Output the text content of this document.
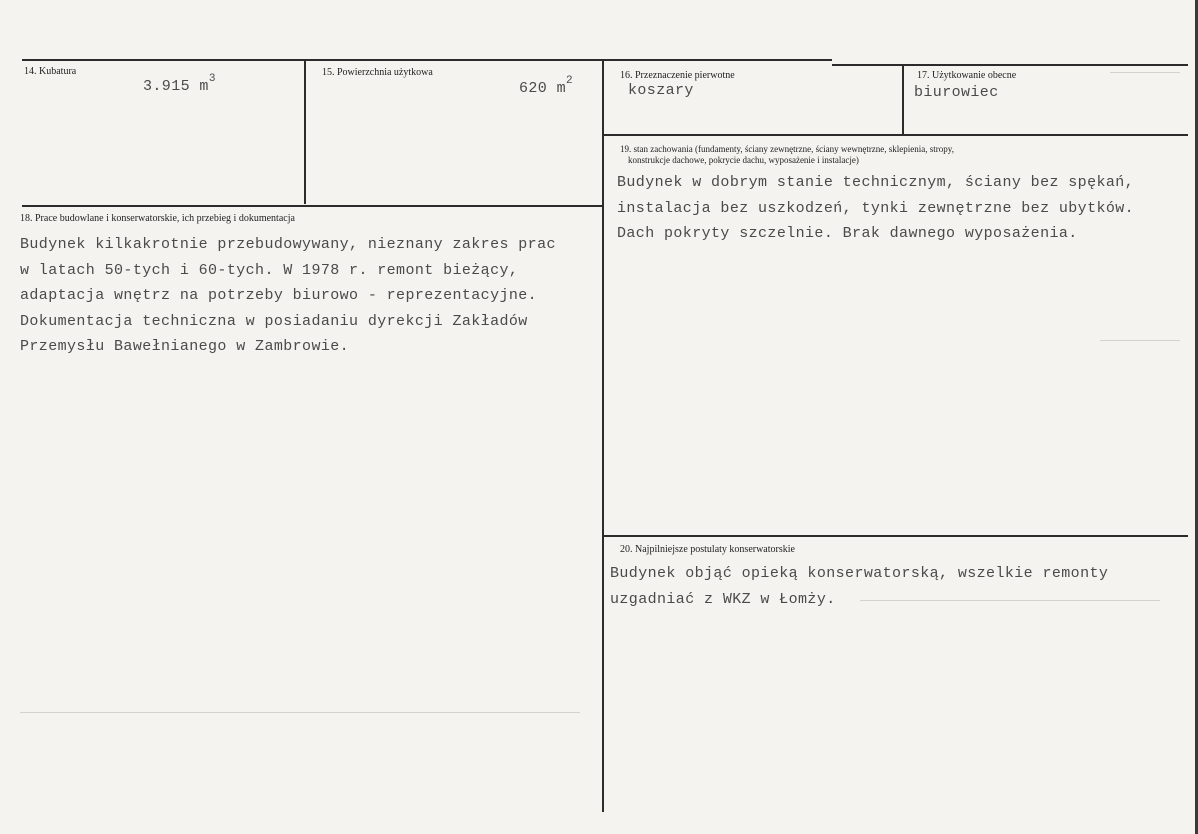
14. Kubatura
3.915 $m^3$
15. Powierzchnia użytkowa
620 $m^2$	16. Przeznaczenie pierwotne
koszary
17. Użytkowanie obecne
biurowiec
18. Prace budowlane i konserwatorskie, ich przebieg i dokumentacja
Budynek kilkakrotnie przebudowywany, nieznany zakres prac
w latach 50-tych i 60-tych. W 1978 r. remont bieżący,
adaptacja wnętrz na potrzeby biurowo - reprezentacyjne.
Dokumentacja techniczna w posiadaniu dyrekcji Zakładów
Przemysłu Bawełnianego w Zambrowie.
19. stan zachowania (fundamenty, ściany zewnętrzne, ściany wewnętrzne, sklepienia, stropy,
konstrukcje dachowe, pokrycie dachu, wyposażenie i instalacje)
Budynek w dobrym stanie technicznym, ściany bez spękań,
instalacja bez uszkodzeń, tynki zewnętrzne bez ubytków.
Dach pokryty szczelnie. Brak dawnego wyposażenia.
20. Najpilniejsze postulaty konserwatorskie
Budynek objąć opieką konserwatorską, wszelkie remonty
uzgadniać z WKZ w Łomży.
